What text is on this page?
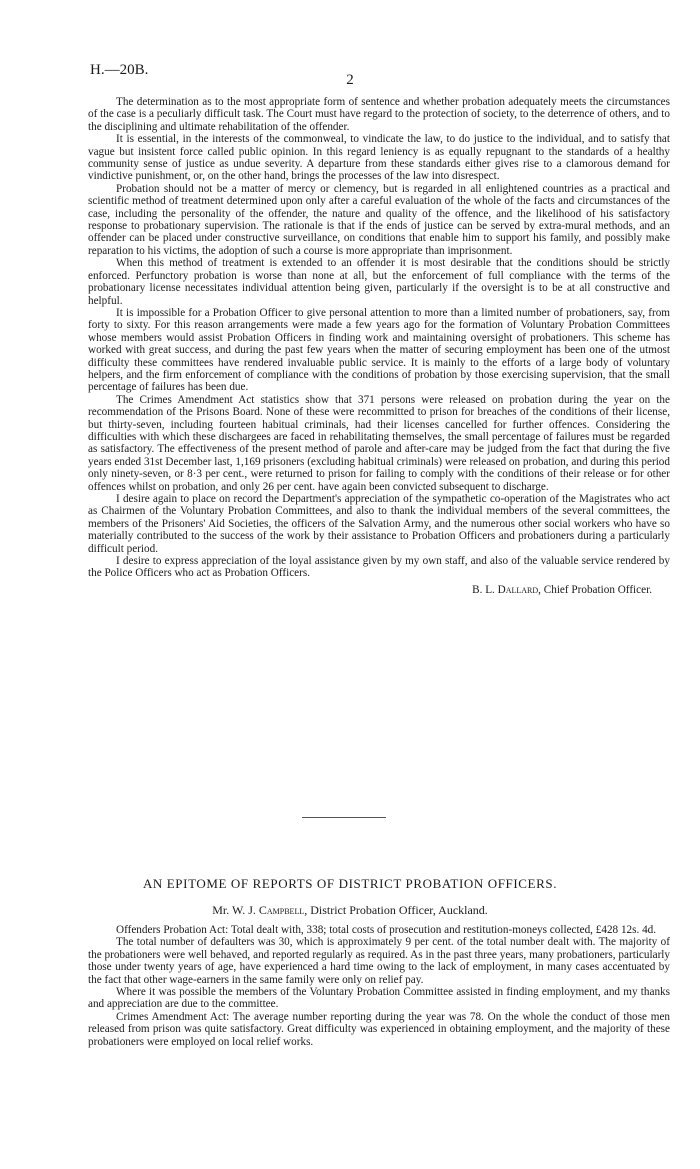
H.—20B.
2

The determination as to the most appropriate form of sentence and whether probation adequately meets the circumstances of the case is a peculiarly difficult task. The Court must have regard to the protection of society, to the deterrence of others, and to the disciplining and ultimate rehabilitation of the offender.

It is essential, in the interests of the commonweal, to vindicate the law, to do justice to the individual, and to satisfy that vague but insistent force called public opinion. In this regard leniency is as equally repugnant to the standards of a healthy community sense of justice as undue severity. A departure from these standards either gives rise to a clamorous demand for vindictive punishment, or, on the other hand, brings the processes of the law into disrespect.

Probation should not be a matter of mercy or clemency, but is regarded in all enlightened countries as a practical and scientific method of treatment determined upon only after a careful evaluation of the whole of the facts and circumstances of the case, including the personality of the offender, the nature and quality of the offence, and the likelihood of his satisfactory response to probationary supervision. The rationale is that if the ends of justice can be served by extra-mural methods, and an offender can be placed under constructive surveillance, on conditions that enable him to support his family, and possibly make reparation to his victims, the adoption of such a course is more appropriate than imprisonment.

When this method of treatment is extended to an offender it is most desirable that the conditions should be strictly enforced. Perfunctory probation is worse than none at all, but the enforcement of full compliance with the terms of the probationary license necessitates individual attention being given, particularly if the oversight is to be at all constructive and helpful.

It is impossible for a Probation Officer to give personal attention to more than a limited number of probationers, say, from forty to sixty. For this reason arrangements were made a few years ago for the formation of Voluntary Probation Committees whose members would assist Probation Officers in finding work and maintaining oversight of probationers. This scheme has worked with great success, and during the past few years when the matter of securing employment has been one of the utmost difficulty these committees have rendered invaluable public service. It is mainly to the efforts of a large body of voluntary helpers, and the firm enforcement of compliance with the conditions of probation by those exercising supervision, that the small percentage of failures has been due.

The Crimes Amendment Act statistics show that 371 persons were released on probation during the year on the recommendation of the Prisons Board. None of these were recommitted to prison for breaches of the conditions of their license, but thirty-seven, including fourteen habitual criminals, had their licenses cancelled for further offences. Considering the difficulties with which these dischargees are faced in rehabilitating themselves, the small percentage of failures must be regarded as satisfactory. The effectiveness of the present method of parole and after-care may be judged from the fact that during the five years ended 31st December last, 1,169 prisoners (excluding habitual criminals) were released on probation, and during this period only ninety-seven, or 8·3 per cent., were returned to prison for failing to comply with the conditions of their release or for other offences whilst on probation, and only 26 per cent. have again been convicted subsequent to discharge.

I desire again to place on record the Department's appreciation of the sympathetic co-operation of the Magistrates who act as Chairmen of the Voluntary Probation Committees, and also to thank the individual members of the several committees, the members of the Prisoners' Aid Societies, the officers of the Salvation Army, and the numerous other social workers who have so materially contributed to the success of the work by their assistance to Probation Officers and probationers during a particularly difficult period.

I desire to express appreciation of the loyal assistance given by my own staff, and also of the valuable service rendered by the Police Officers who act as Probation Officers.

B. L. Dallard, Chief Probation Officer.
AN EPITOME OF REPORTS OF DISTRICT PROBATION OFFICERS.
Mr. W. J. Campbell, District Probation Officer, Auckland.

Offenders Probation Act: Total dealt with, 338; total costs of prosecution and restitution-moneys collected, £428 12s. 4d.

The total number of defaulters was 30, which is approximately 9 per cent. of the total number dealt with. The majority of the probationers were well behaved, and reported regularly as required. As in the past three years, many probationers, particularly those under twenty years of age, have experienced a hard time owing to the lack of employment, in many cases accentuated by the fact that other wage-earners in the same family were only on relief pay.

Where it was possible the members of the Voluntary Probation Committee assisted in finding employment, and my thanks and appreciation are due to the committee.

Crimes Amendment Act: The average number reporting during the year was 78. On the whole the conduct of those men released from prison was quite satisfactory. Great difficulty was experienced in obtaining employment, and the majority of these probationers were employed on local relief works.
